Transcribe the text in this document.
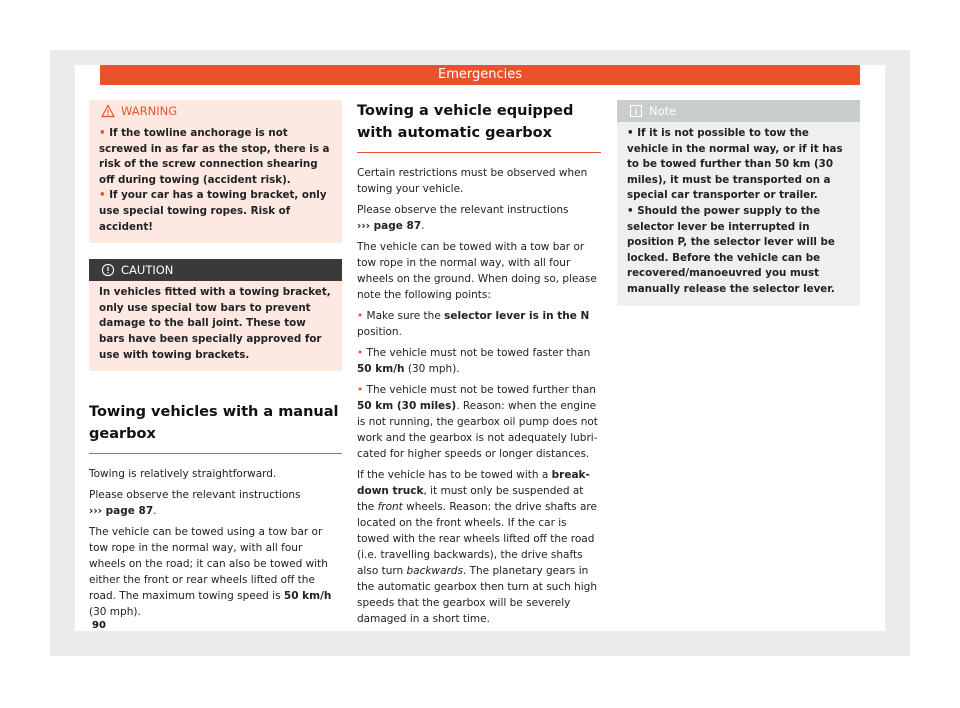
Emergencies
WARNING
• If the towline anchorage is not screwed in as far as the stop, there is a risk of the screw connection shearing off during towing (accident risk).
• If your car has a towing bracket, only use special towing ropes. Risk of accident!
CAUTION

In vehicles fitted with a towing bracket, only use special tow bars to prevent damage to the ball joint. These tow bars have been specially approved for use with towing brackets.

Towing vehicles with a manual gearbox

Towing is relatively straightforward.

Please observe the relevant instructions
››› page 87.

The vehicle can be towed using a tow bar or tow rope in the normal way, with all four wheels on the road; it can also be towed with either the front or rear wheels lifted off the road. The maximum towing speed is 50 km/h (30 mph).

Towing a vehicle equipped with automatic gearbox

Certain restrictions must be observed when towing your vehicle.

Please observe the relevant instructions
››› page 87.

The vehicle can be towed with a tow bar or tow rope in the normal way, with all four wheels on the ground. When doing so, please note the following points:

• Make sure the selector lever is in the N position.

• The vehicle must not be towed faster than 50 km/h (30 mph).

• The vehicle must not be towed further than 50 km (30 miles). Reason: when the engine is not running, the gearbox oil pump does not work and the gearbox is not adequately lubricated for higher speeds or longer distances.

If the vehicle has to be towed with a breakdown truck, it must only be suspended at the front wheels. Reason: the drive shafts are located on the front wheels. If the car is towed with the rear wheels lifted off the road (i.e. travelling backwards), the drive shafts also turn backwards. The planetary gears in the automatic gearbox then turn at such high speeds that the gearbox will be severely damaged in a short time.

Note
• If it is not possible to tow the vehicle in the normal way, or if it has to be towed further than 50 km (30 miles), it must be transported on a special car transporter or trailer.
• Should the power supply to the selector lever be interrupted in position P, the selector lever will be locked. Before the vehicle can be recovered/manoeuvred you must manually release the selector lever.
90
